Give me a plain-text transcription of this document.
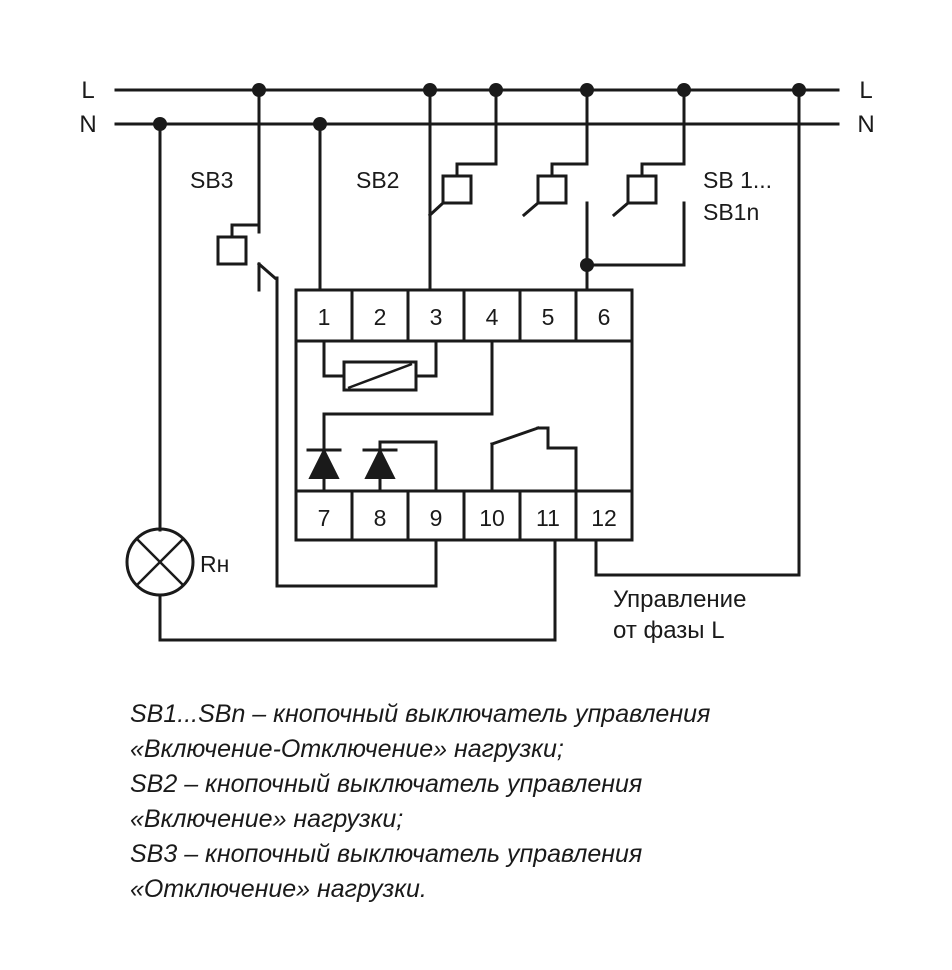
L
N
L
N
Rн
SB3	SB2	SB 1...
SB1n
1 2 3 4 5 6
7 8 9 10 11 12
Управление
от фазы L
SB1...SBn – кнопочный выключатель управления
«Включение-Отключение» нагрузки;
SB2 – кнопочный выключатель управления
«Включение» нагрузки;
SB3 – кнопочный выключатель управления
«Отключение» нагрузки.
